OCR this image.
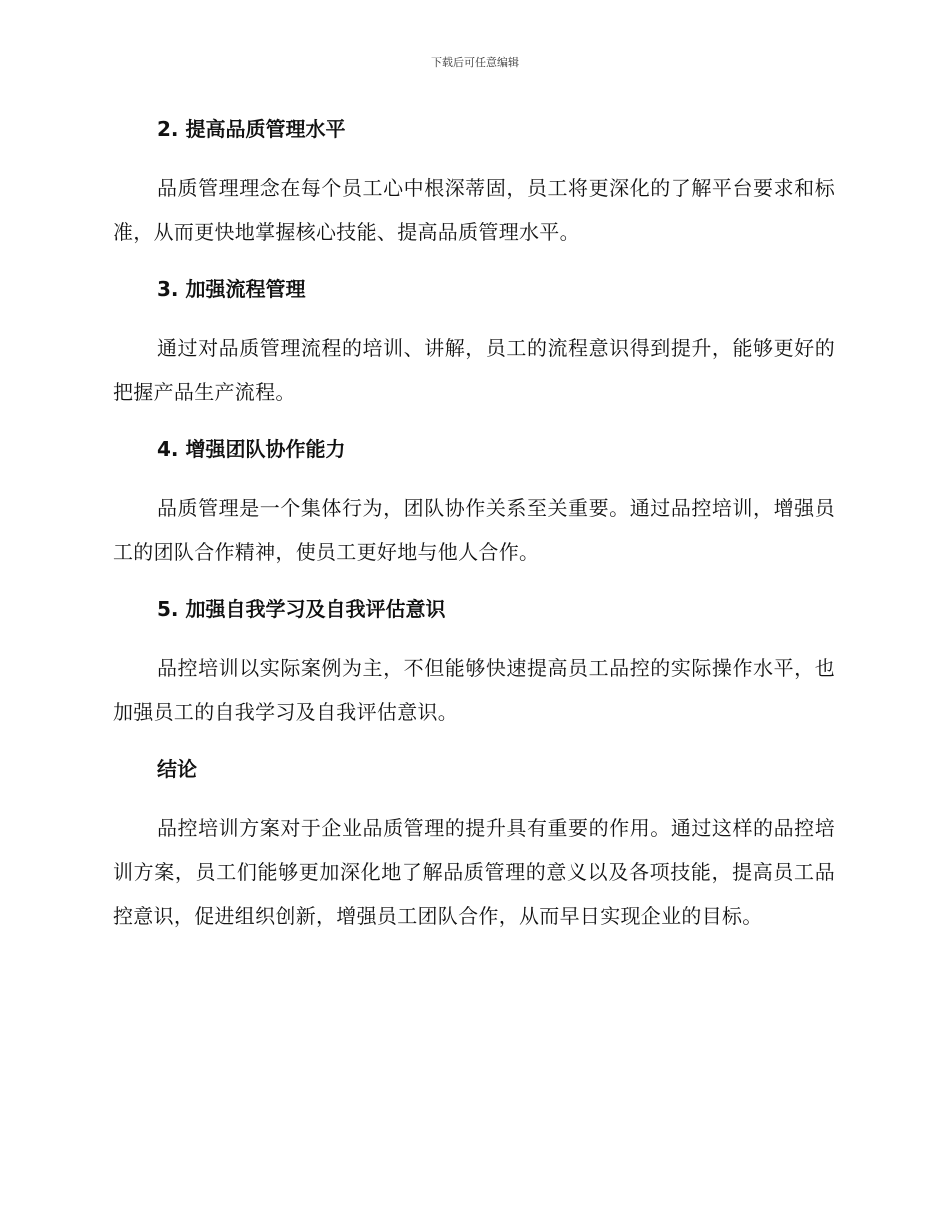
下载后可任意编辑
2. 提高品质管理水平

品质管理理念在每个员工心中根深蒂固，员工将更深化的了解平台要求和标准，从而更快地掌握核心技能、提高品质管理水平。

3. 加强流程管理

通过对品质管理流程的培训、讲解，员工的流程意识得到提升，能够更好的把握产品生产流程。

4. 增强团队协作能力

品质管理是一个集体行为，团队协作关系至关重要。通过品控培训，增强员工的团队合作精神，使员工更好地与他人合作。

5. 加强自我学习及自我评估意识

品控培训以实际案例为主，不但能够快速提高员工品控的实际操作水平，也加强员工的自我学习及自我评估意识。

结论

品控培训方案对于企业品质管理的提升具有重要的作用。通过这样的品控培训方案，员工们能够更加深化地了解品质管理的意义以及各项技能，提高员工品控意识，促进组织创新，增强员工团队合作，从而早日实现企业的目标。
